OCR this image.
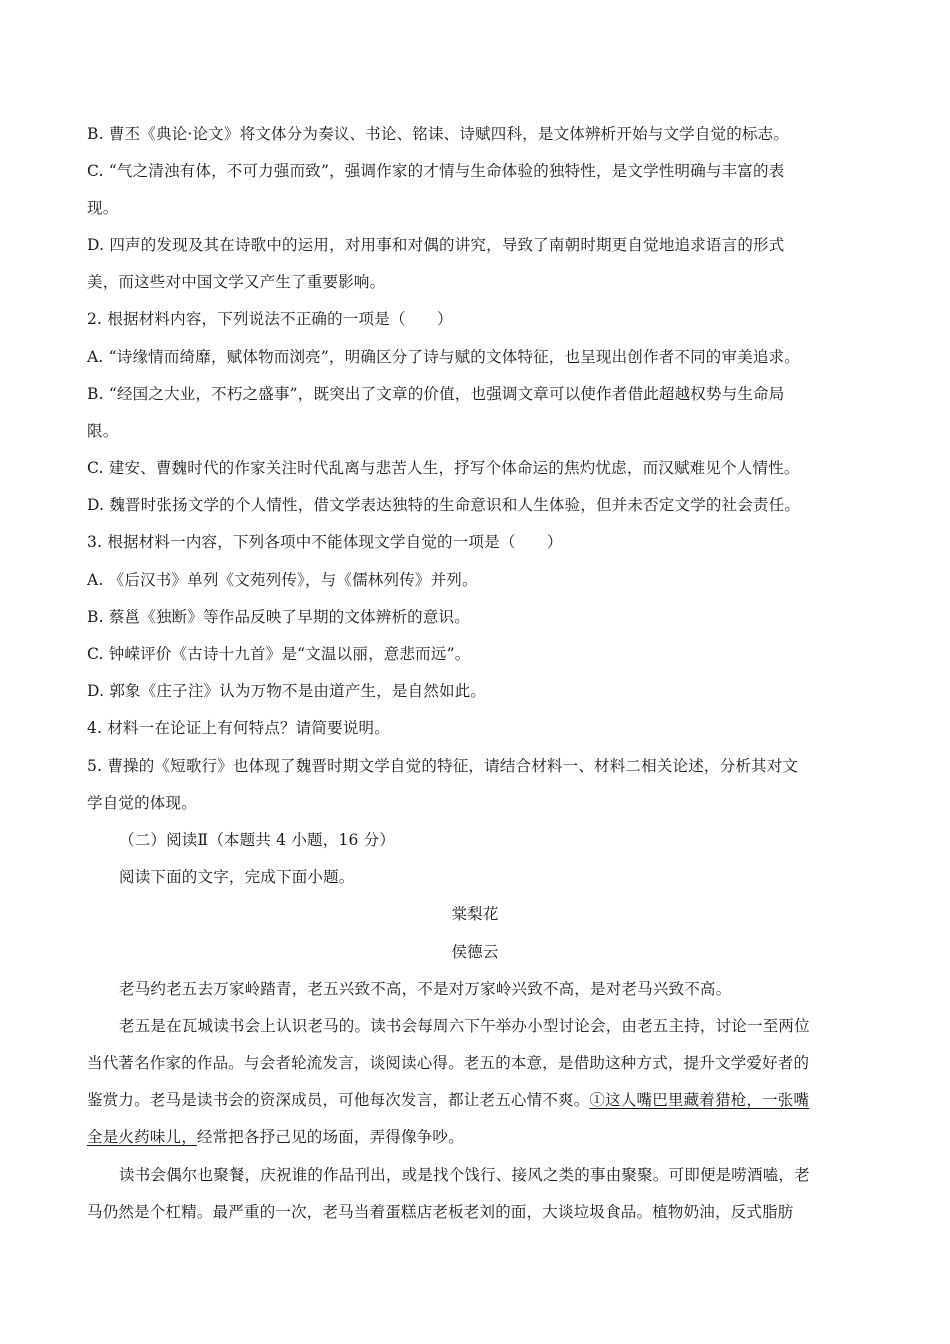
B. 曹丕《典论·论文》将文体分为奏议、书论、铭诔、诗赋四科，是文体辨析开始与文学自觉的标志。
C. “气之清浊有体，不可力强而致”，强调作家的才情与生命体验的独特性，是文学性明确与丰富的表
现。
D. 四声的发现及其在诗歌中的运用，对用事和对偶的讲究，导致了南朝时期更自觉地追求语言的形式
美，而这些对中国文学又产生了重要影响。
2. 根据材料内容，下列说法不正确的一项是（　　）
A. “诗缘情而绮靡，赋体物而浏亮”，明确区分了诗与赋的文体特征，也呈现出创作者不同的审美追求。
B. “经国之大业，不朽之盛事”，既突出了文章的价值，也强调文章可以使作者借此超越权势与生命局
限。
C. 建安、曹魏时代的作家关注时代乱离与悲苦人生，抒写个体命运的焦灼忧虑，而汉赋难见个人情性。
D. 魏晋时张扬文学的个人情性，借文学表达独特的生命意识和人生体验，但并未否定文学的社会责任。
3. 根据材料一内容，下列各项中不能体现文学自觉的一项是（　　）
A. 《后汉书》单列《文苑列传》，与《儒林列传》并列。
B. 蔡邕《独断》等作品反映了早期的文体辨析的意识。
C. 钟嵘评价《古诗十九首》是“文温以丽，意悲而远”。
D. 郭象《庄子注》认为万物不是由道产生，是自然如此。
4. 材料一在论证上有何特点？请简要说明。
5. 曹操的《短歌行》也体现了魏晋时期文学自觉的特征，请结合材料一、材料二相关论述，分析其对文
学自觉的体现。
（二）阅读Ⅱ（本题共 4 小题，16 分）
阅读下面的文字，完成下面小题。
棠梨花
侯德云
老马约老五去万家岭踏青，老五兴致不高，不是对万家岭兴致不高，是对老马兴致不高。
老五是在瓦城读书会上认识老马的。读书会每周六下午举办小型讨论会，由老五主持，讨论一至两位
当代著名作家的作品。与会者轮流发言，谈阅读心得。老五的本意，是借助这种方式，提升文学爱好者的
鉴赏力。老马是读书会的资深成员，可他每次发言，都让老五心情不爽。①这人嘴巴里藏着猎枪，一张嘴
全是火药味儿，经常把各抒己见的场面，弄得像争吵。
读书会偶尔也聚餐，庆祝谁的作品刊出，或是找个饯行、接风之类的事由聚聚。可即便是唠酒嗑，老
马仍然是个杠精。最严重的一次，老马当着蛋糕店老板老刘的面，大谈垃圾食品。植物奶油，反式脂肪
